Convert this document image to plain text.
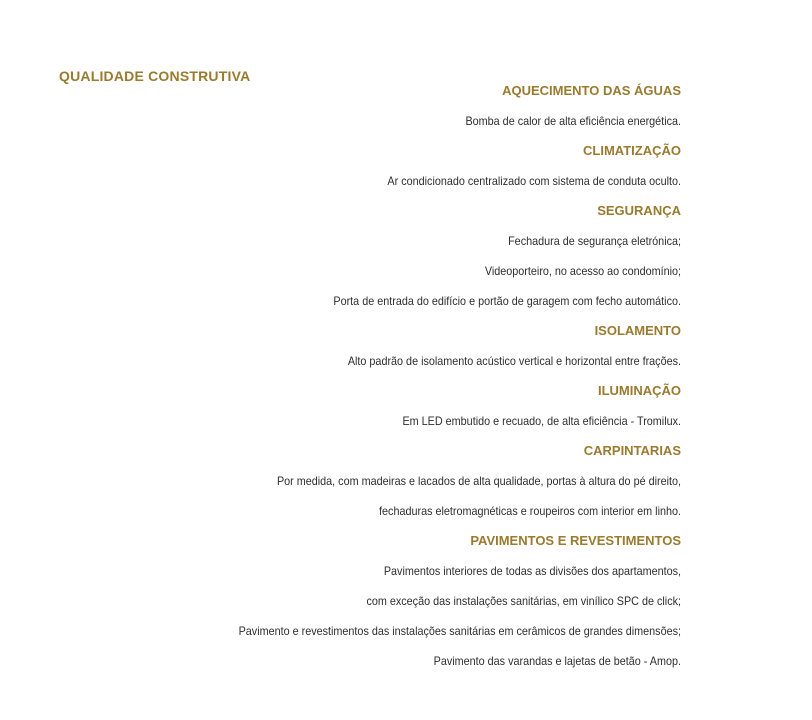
QUALIDADE CONSTRUTIVA
AQUECIMENTO DAS ÁGUAS
Bomba de calor de alta eficiência energética.
CLIMATIZAÇÃO
Ar condicionado centralizado com sistema de conduta oculto.
SEGURANÇA
Fechadura de segurança eletrónica;
Videoporteiro, no acesso ao condomínio;
Porta de entrada do edifício e portão de garagem com fecho automático.
ISOLAMENTO
Alto padrão de isolamento acústico vertical e horizontal entre frações.
ILUMINAÇÃO
Em LED embutido e recuado, de alta eficiência - Tromilux.
CARPINTARIAS
Por medida, com madeiras e lacados de alta qualidade, portas à altura do pé direito,
fechaduras eletromagnéticas e roupeiros com interior em linho.
PAVIMENTOS E REVESTIMENTOS
Pavimentos interiores de todas as divisões dos apartamentos,
com exceção das instalações sanitárias, em vinílico SPC de click;
Pavimento e revestimentos das instalações sanitárias em cerâmicos de grandes dimensões;
Pavimento das varandas e lajetas de betão - Amop.
